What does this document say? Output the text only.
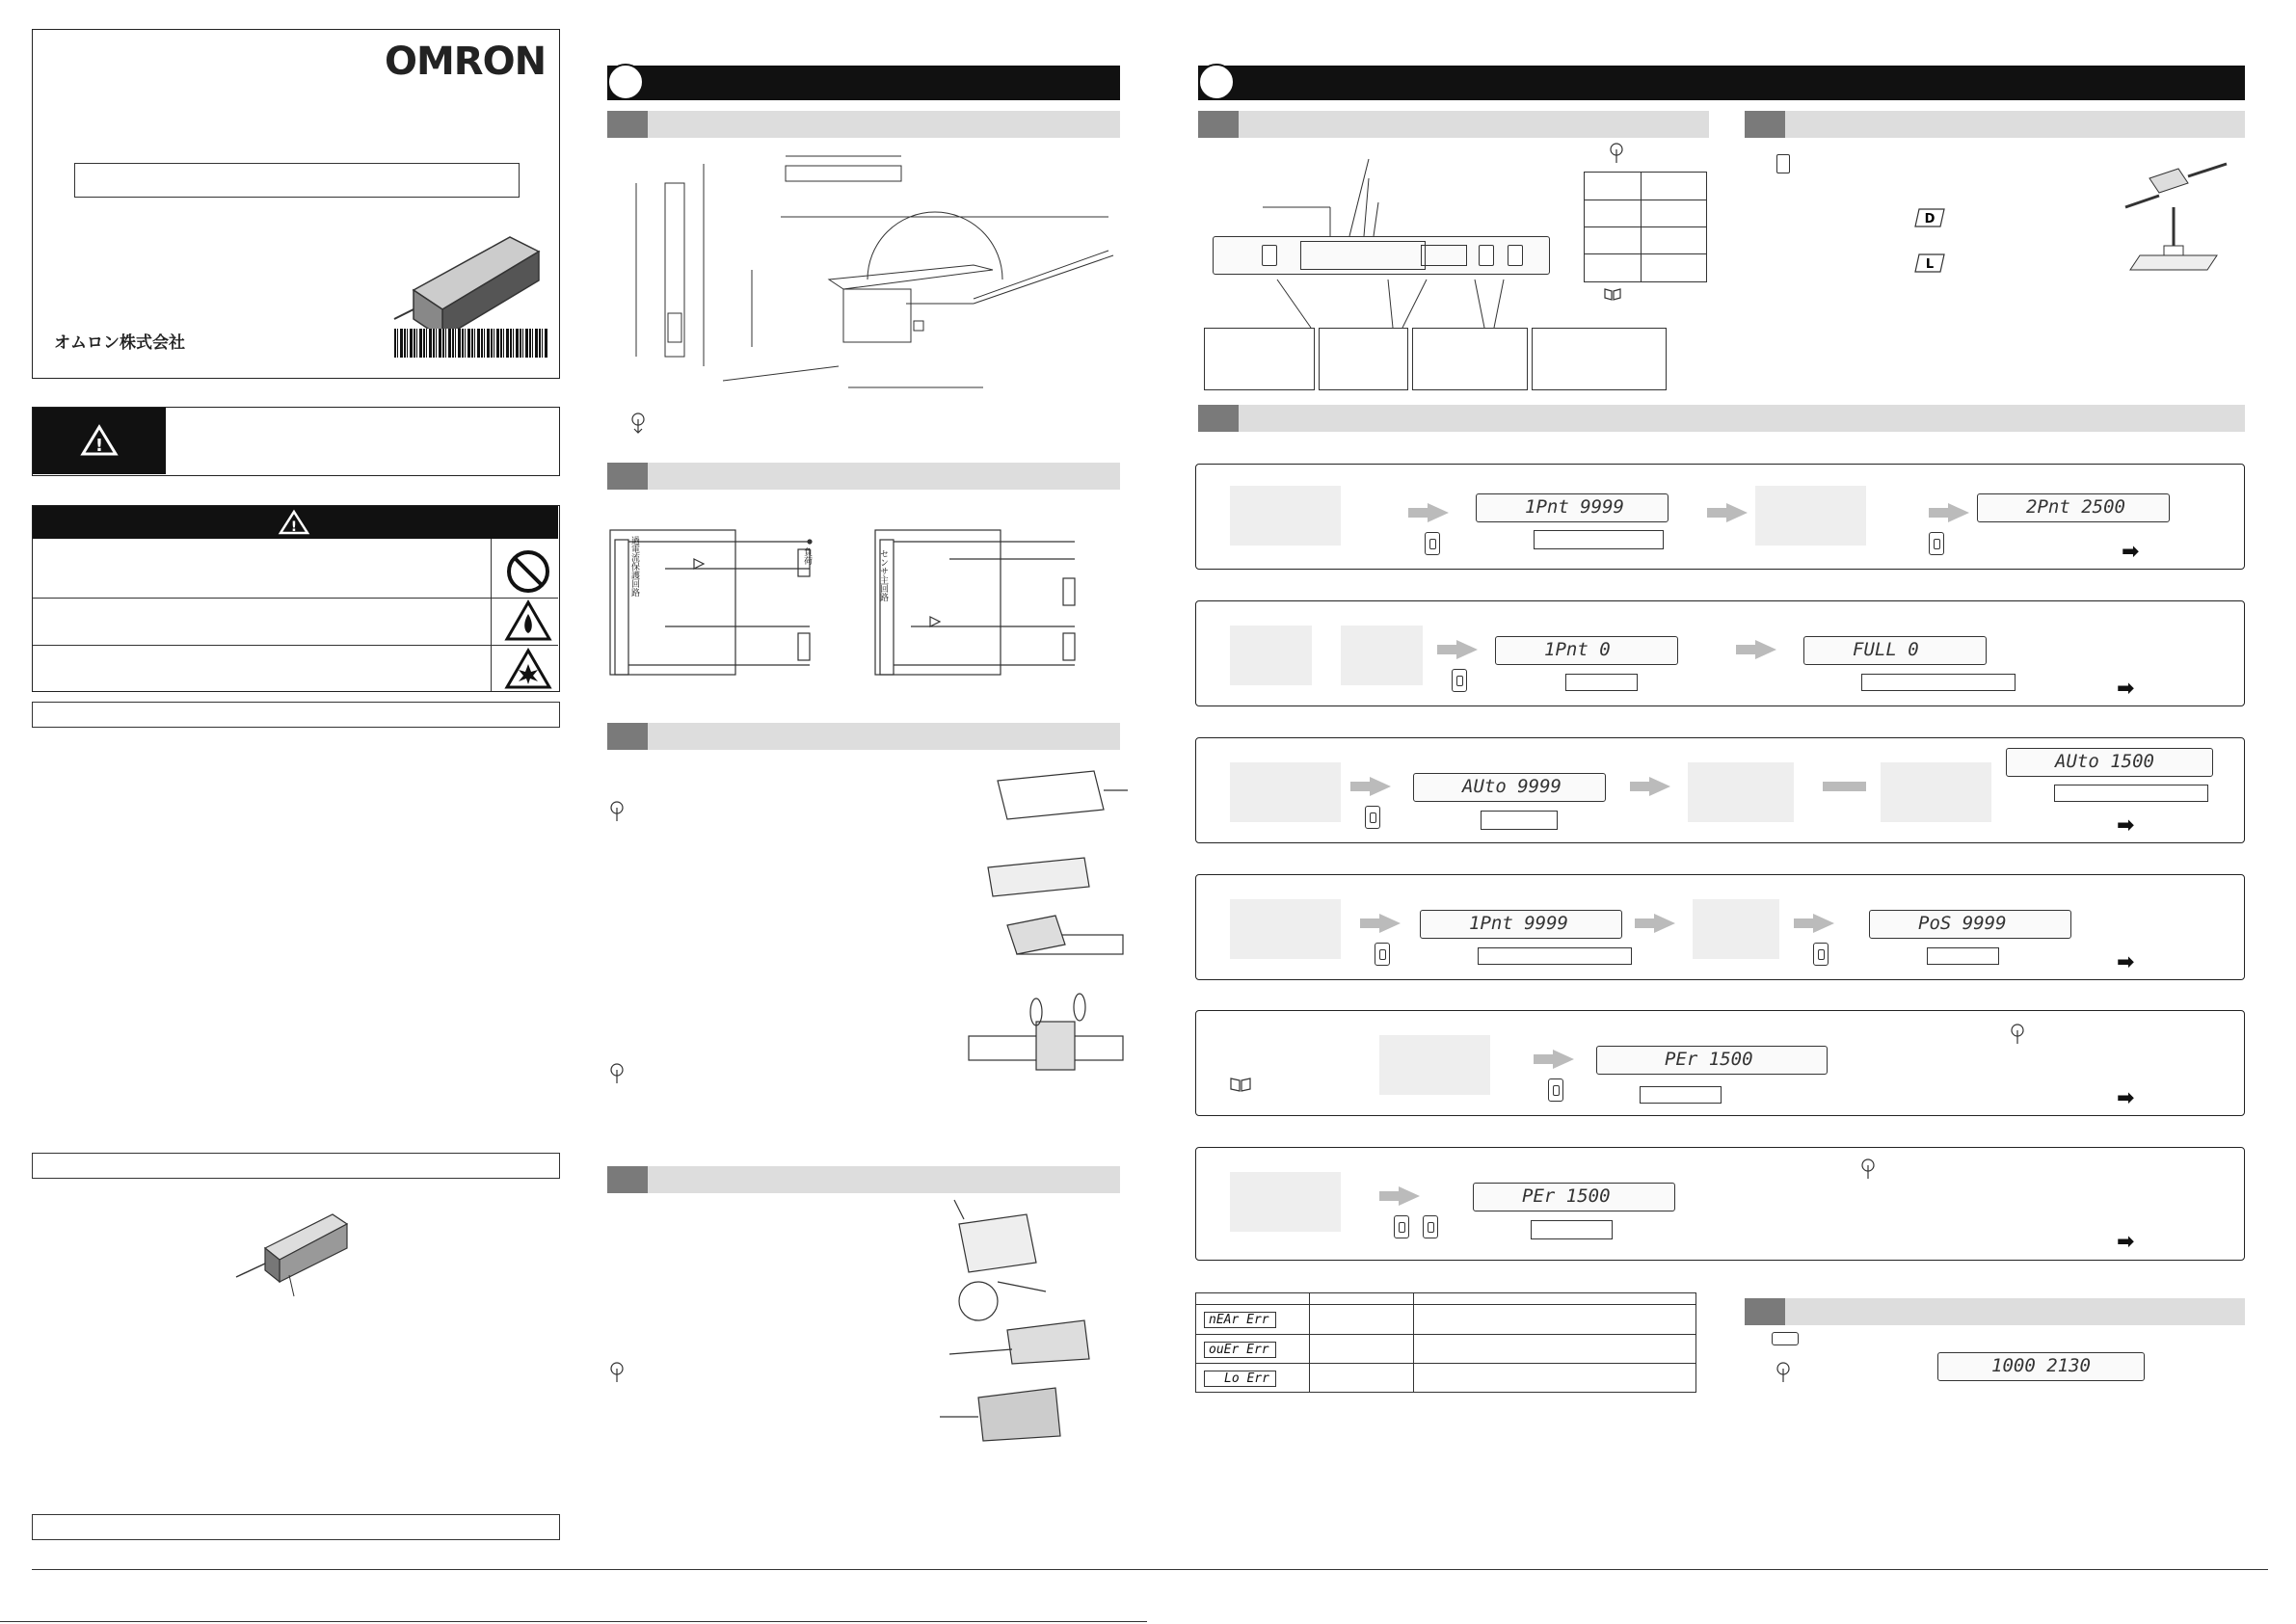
OMRON
オムロン株式会社
!
!
負荷
過電流保護回路	センサ主回路
D
L
1Pnt 9999	2Pnt 2500
➡
1Pnt 0	FULL 0
➡
AUto 9999
AUto 1500
➡
1Pnt 9999	PoS 9999
➡
PEr 1500
➡
PEr 1500
➡
nEAr Err
ouEr Err
Lo Err
1000 2130
